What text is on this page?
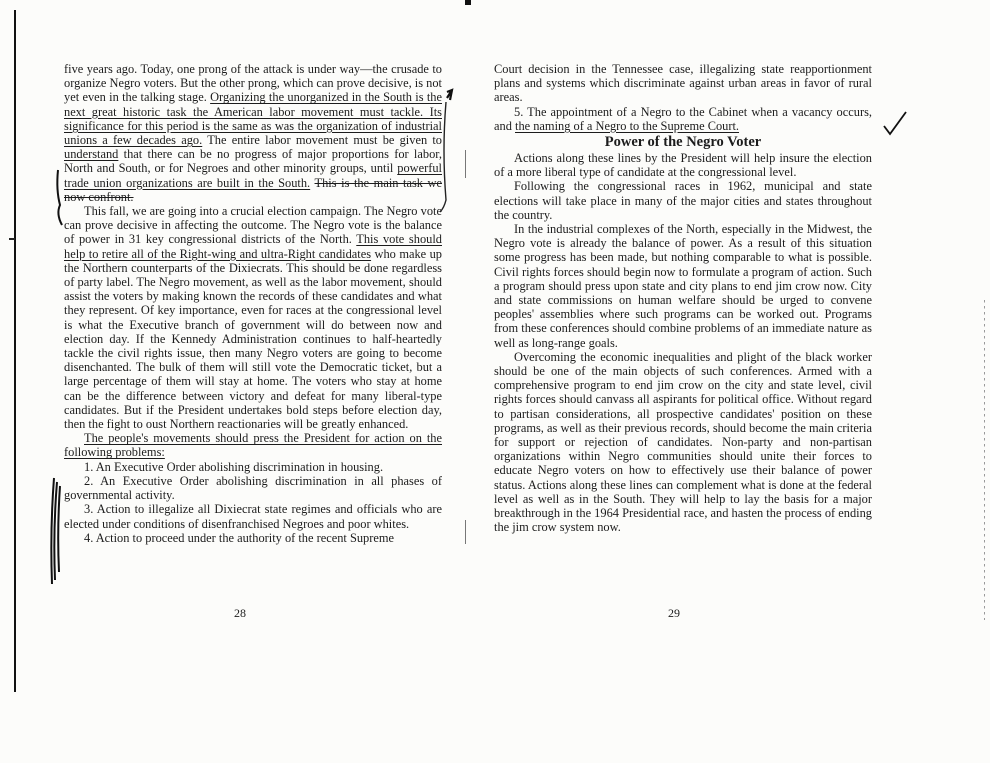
five years ago. Today, one prong of the attack is under way—the crusade to organize Negro voters. But the other prong, which can prove decisive, is not yet even in the talking stage. Organizing the unorganized in the South is the next great historic task the American labor movement must tackle. Its significance for this period is the same as was the organization of industrial unions a few decades ago. The entire labor movement must be given to understand that there can be no progress of major proportions for labor, North and South, or for Negroes and other minority groups, until powerful trade union organizations are built in the South. This is the main task we now confront.

This fall, we are going into a crucial election campaign. The Negro vote can prove decisive in affecting the outcome. The Negro vote is the balance of power in 31 key congressional districts of the North. This vote should help to retire all of the Right-wing and ultra-Right candidates who make up the Northern counterparts of the Dixiecrats. This should be done regardless of party label. The Negro movement, as well as the labor movement, should assist the voters by making known the records of these candidates and what they represent. Of key importance, even for races at the congressional level is what the Executive branch of government will do between now and election day. If the Kennedy Administration continues to half-heartedly tackle the civil rights issue, then many Negro voters are going to become disenchanted. The bulk of them will still vote the Democratic ticket, but a large percentage of them will stay at home. The voters who stay at home can be the difference between victory and defeat for many liberal-type candidates. But if the President undertakes bold steps before election day, then the fight to oust Northern reactionaries will be greatly enhanced.

The people's movements should press the President for action on the following problems:

1. An Executive Order abolishing discrimination in housing.

2. An Executive Order abolishing discrimination in all phases of governmental activity.

3. Action to illegalize all Dixiecrat state regimes and officials who are elected under conditions of disenfranchised Negroes and poor whites.

4. Action to proceed under the authority of the recent Supreme

28

Court decision in the Tennessee case, illegalizing state reapportionment plans and systems which discriminate against urban areas in favor of rural areas.

5. The appointment of a Negro to the Cabinet when a vacancy occurs, and the naming of a Negro to the Supreme Court.

Power of the Negro Voter

Actions along these lines by the President will help insure the election of a more liberal type of candidate at the congressional level.

Following the congressional races in 1962, municipal and state elections will take place in many of the major cities and states throughout the country.

In the industrial complexes of the North, especially in the Midwest, the Negro vote is already the balance of power. As a result of this situation some progress has been made, but nothing comparable to what is possible. Civil rights forces should begin now to formulate a program of action. Such a program should press upon state and city plans to end jim crow now. City and state commissions on human welfare should be urged to convene peoples' assemblies where such programs can be worked out. Programs from these conferences should combine problems of an immediate nature as well as long-range goals.

Overcoming the economic inequalities and plight of the black worker should be one of the main objects of such conferences. Armed with a comprehensive program to end jim crow on the city and state level, civil rights forces should canvass all aspirants for political office. Without regard to partisan considerations, all prospective candidates' position on these programs, as well as their previous records, should become the main criteria for support or rejection of candidates. Non-party and non-partisan organizations within Negro communities should unite their forces to educate Negro voters on how to effectively use their balance of power status. Actions along these lines can complement what is done at the federal level as well as in the South. They will help to lay the basis for a major breakthrough in the 1964 Presidential race, and hasten the process of ending the jim crow system now.

29
